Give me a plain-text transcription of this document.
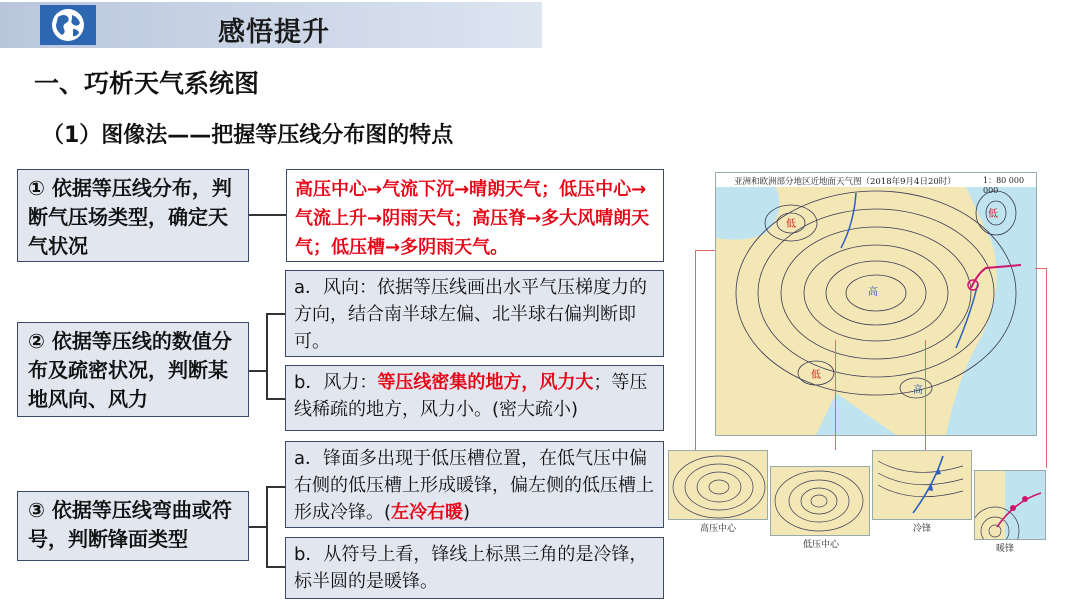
感悟提升
一、巧析天气系统图
（1）图像法——把握等压线分布图的特点
① 依据等压线分布，判断气压场类型，确定天气状况
高压中心→气流下沉→晴朗天气；低压中心→气流上升→阴雨天气；高压脊→多大风晴朗天气；低压槽→多阴雨天气。
② 依据等压线的数值分布及疏密状况，判断某地风向、风力
a．风向：依据等压线画出水平气压梯度力的方向，结合南半球左偏、北半球右偏判断即可。
b．风力：等压线密集的地方，风力大；等压线稀疏的地方，风力小。(密大疏小)
③ 依据等压线弯曲或符号，判断锋面类型
a．锋面多出现于低压槽位置，在低气压中偏右侧的低压槽上形成暖锋，偏左侧的低压槽上形成冷锋。(左冷右暖)
b．从符号上看，锋线上标黑三角的是冷锋，标半圆的是暖锋。
亚洲和欧洲部分地区近地面天气图（2018年9月4日20时）	1：80 000 000
低
高
低
低
高
高压中心
低压中心
冷锋
暖锋
